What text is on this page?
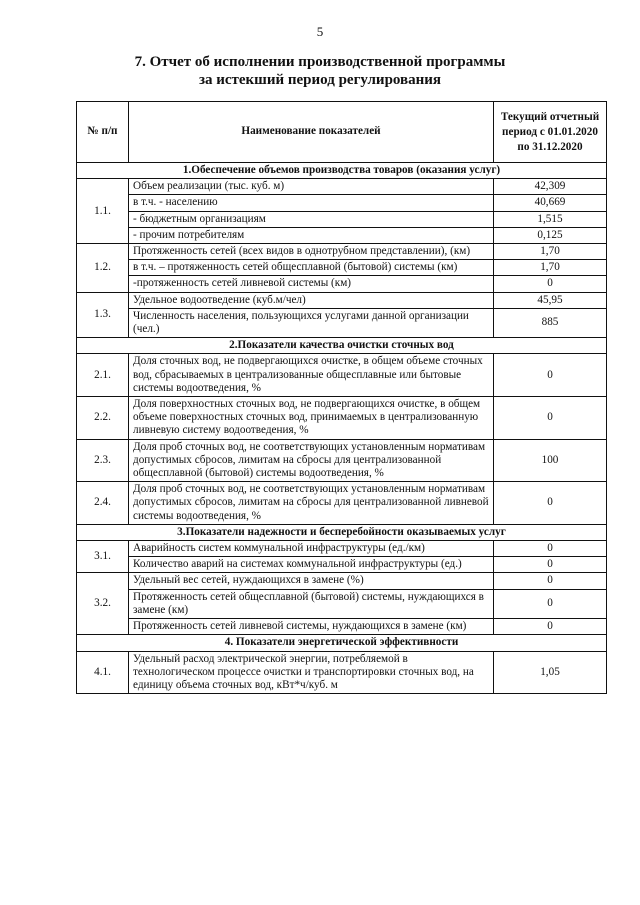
5
7. Отчет об исполнении производственной программы
за истекший период регулирования
№ п/п	Наименование показателей	Текущий отчетный период с 01.01.2020 по 31.12.2020
1.Обеспечение объемов производства товаров (оказания услуг)		
1.1.	Объем реализации (тыс. куб. м)	42,309
	в т.ч. - населению	40,669
	- бюджетным организациям	1,515
	- прочим потребителям	0,125
1.2.	Протяженность сетей (всех видов в однотрубном представлении), (км)	1,70
	в т.ч. – протяженность сетей общесплавной (бытовой) системы (км)	1,70
	-протяженность сетей ливневой системы (км)	0
1.3.	Удельное водоотведение (куб.м/чел)	45,95
	Численность населения, пользующихся услугами данной организации (чел.)	885
2.Показатели качества очистки сточных вод		
2.1.	Доля сточных вод, не подвергающихся очистке, в общем объеме сточных вод, сбрасываемых в централизованные общесплавные или бытовые системы водоотведения, %	0
2.2.	Доля поверхностных сточных вод, не подвергающихся очистке, в общем объеме поверхностных сточных вод, принимаемых в централизованную ливневую систему водоотведения, %	0
2.3.	Доля проб сточных вод, не соответствующих установленным нормативам допустимых сбросов, лимитам на сбросы для централизованной общесплавной (бытовой) системы водоотведения, %	100
2.4.	Доля проб сточных вод, не соответствующих установленным нормативам допустимых сбросов, лимитам на сбросы для централизованной ливневой системы водоотведения, %	0
3.Показатели надежности и бесперебойности оказываемых услуг		
3.1.	Аварийность систем коммунальной инфраструктуры (ед./км)	0
	Количество аварий на системах коммунальной инфраструктуры (ед.)	0
3.2.	Удельный вес сетей, нуждающихся в замене (%)	0
	Протяженность сетей общесплавной (бытовой) системы, нуждающихся в замене (км)	0
	Протяженность сетей ливневой системы, нуждающихся в замене (км)	0
4. Показатели энергетической эффективности		
4.1.	Удельный расход электрической энергии, потребляемой в технологическом процессе очистки и транспортировки сточных вод, на единицу объема сточных вод, кВт*ч/куб. м	1,05
